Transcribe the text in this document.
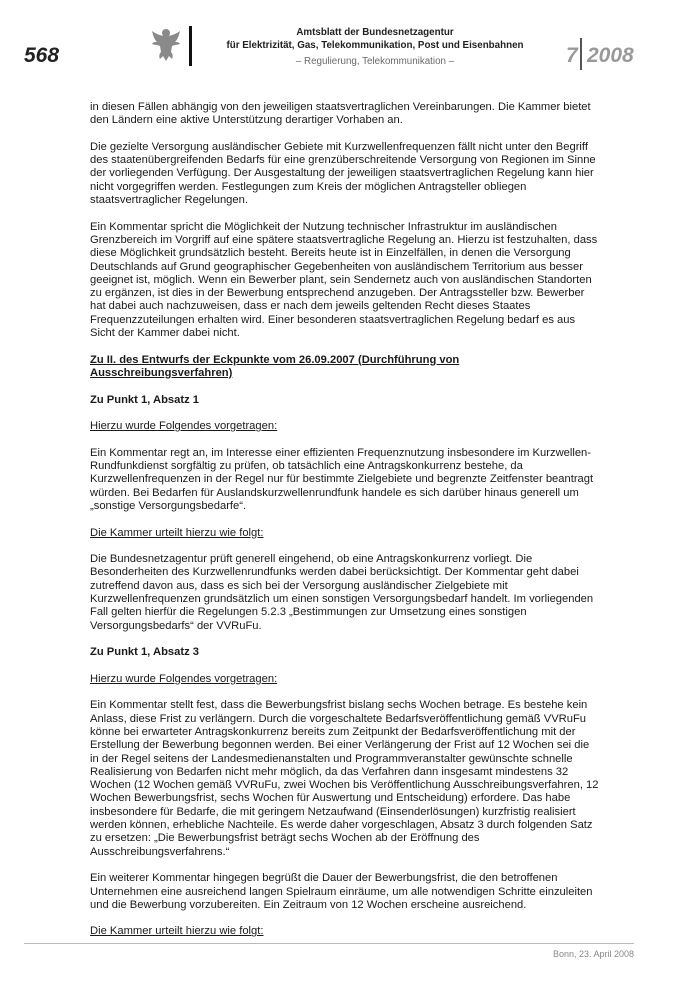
568
Amtsblatt der Bundesnetzagentur
für Elektrizität, Gas, Telekommunikation, Post und Eisenbahnen
– Regulierung, Telekommunikation –	7 2008

in diesen Fällen abhängig von den jeweiligen staatsvertraglichen Vereinbarungen. Die Kammer bietet den Ländern eine aktive Unterstützung derartiger Vorhaben an.

Die gezielte Versorgung ausländischer Gebiete mit Kurzwellenfrequenzen fällt nicht unter den Begriff des staatenübergreifenden Bedarfs für eine grenzüberschreitende Versorgung von Regionen im Sinne der vorliegenden Verfügung. Der Ausgestaltung der jeweiligen staatsvertraglichen Regelung kann hier nicht vorgegriffen werden. Festlegungen zum Kreis der möglichen Antragsteller obliegen staatsvertraglicher Regelungen.

Ein Kommentar spricht die Möglichkeit der Nutzung technischer Infrastruktur im ausländischen Grenzbereich im Vorgriff auf eine spätere staatsvertragliche Regelung an. Hierzu ist festzuhalten, dass diese Möglichkeit grundsätzlich besteht. Bereits heute ist in Einzelfällen, in denen die Versorgung Deutschlands auf Grund geographischer Gegebenheiten von ausländischem Territorium aus besser geeignet ist, möglich. Wenn ein Bewerber plant, sein Sendernetz auch von ausländischen Standorten zu ergänzen, ist dies in der Bewerbung entsprechend anzugeben. Der Antragssteller bzw. Bewerber hat dabei auch nachzuweisen, dass er nach dem jeweils geltenden Recht dieses Staates Frequenzzuteilungen erhalten wird. Einer besonderen staatsvertraglichen Regelung bedarf es aus Sicht der Kammer dabei nicht.

Zu II. des Entwurfs der Eckpunkte vom 26.09.2007 (Durchführung von Ausschreibungsverfahren)

Zu Punkt 1, Absatz 1

Hierzu wurde Folgendes vorgetragen:

Ein Kommentar regt an, im Interesse einer effizienten Frequenznutzung insbesondere im Kurzwellen-Rundfunkdienst sorgfältig zu prüfen, ob tatsächlich eine Antragskonkurrenz bestehe, da Kurzwellenfrequenzen in der Regel nur für bestimmte Zielgebiete und begrenzte Zeitfenster beantragt würden. Bei Bedarfen für Auslandskurzwellenrundfunk handele es sich darüber hinaus generell um „sonstige Versorgungsbedarfe“.

Die Kammer urteilt hierzu wie folgt:

Die Bundesnetzagentur prüft generell eingehend, ob eine Antragskonkurrenz vorliegt. Die Besonderheiten des Kurzwellenrundfunks werden dabei berücksichtigt. Der Kommentar geht dabei zutreffend davon aus, dass es sich bei der Versorgung ausländischer Zielgebiete mit Kurzwellenfrequenzen grundsätzlich um einen sonstigen Versorgungsbedarf handelt. Im vorliegenden Fall gelten hierfür die Regelungen 5.2.3 „Bestimmungen zur Umsetzung eines sonstigen Versorgungsbedarfs“ der VVRuFu.

Zu Punkt 1, Absatz 3

Hierzu wurde Folgendes vorgetragen:

Ein Kommentar stellt fest, dass die Bewerbungsfrist bislang sechs Wochen betrage. Es bestehe kein Anlass, diese Frist zu verlängern. Durch die vorgeschaltete Bedarfsveröffentlichung gemäß VVRuFu könne bei erwarteter Antragskonkurrenz bereits zum Zeitpunkt der Bedarfsveröffentlichung mit der Erstellung der Bewerbung begonnen werden. Bei einer Verlängerung der Frist auf 12 Wochen sei die in der Regel seitens der Landesmedienanstalten und Programmveranstalter gewünschte schnelle Realisierung von Bedarfen nicht mehr möglich, da das Verfahren dann insgesamt mindestens 32 Wochen (12 Wochen gemäß VVRuFu, zwei Wochen bis Veröffentlichung Ausschreibungsverfahren, 12 Wochen Bewerbungsfrist, sechs Wochen für Auswertung und Entscheidung) erfordere. Das habe insbesondere für Bedarfe, die mit geringem Netzaufwand (Einsenderlösungen) kurzfristig realisiert werden können, erhebliche Nachteile. Es werde daher vorgeschlagen, Absatz 3 durch folgenden Satz zu ersetzen: „Die Bewerbungsfrist beträgt sechs Wochen ab der Eröffnung des Ausschreibungsverfahrens.“

Ein weiterer Kommentar hingegen begrüßt die Dauer der Bewerbungsfrist, die den betroffenen Unternehmen eine ausreichend langen Spielraum einräume, um alle notwendigen Schritte einzuleiten und die Bewerbung vorzubereiten. Ein Zeitraum von 12 Wochen erscheine ausreichend.

Die Kammer urteilt hierzu wie folgt:

Bonn, 23. April 2008
